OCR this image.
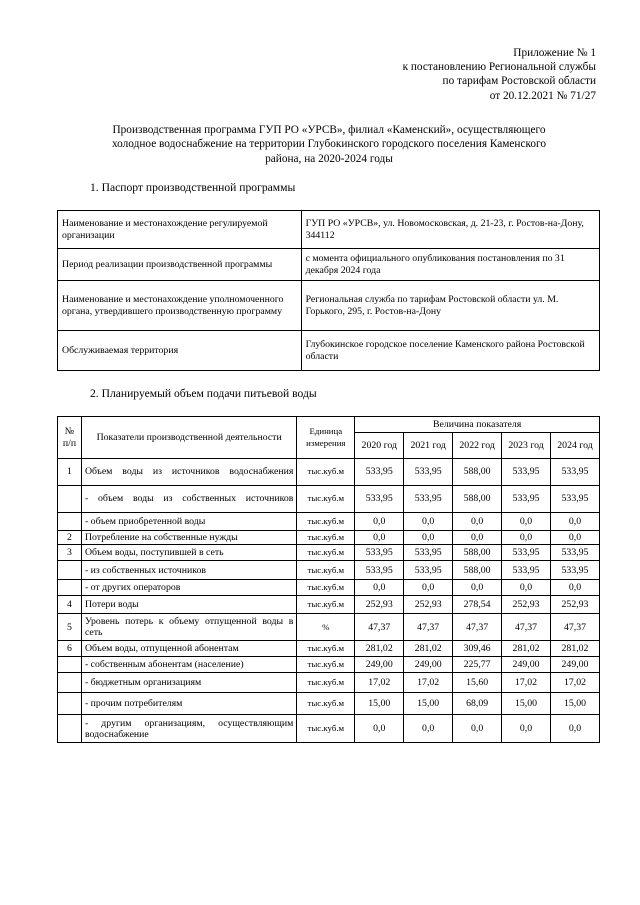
Приложение № 1
к постановлению Региональной службы
по тарифам Ростовской области
от 20.12.2021 № 71/27
Производственная программа ГУП РО «УРСВ», филиал «Каменский», осуществляющего
холодное водоснабжение на территории Глубокинского городского поселения Каменского
района, на 2020-2024 годы
1. Паспорт производственной программы
Наименование и местонахождение регулируемой организации	ГУП РО «УРСВ», ул. Новомосковская, д. 21-23, г. Ростов-на-Дону, 344112
Период реализации производственной программы	с момента официального опубликования постановления по 31 декабря 2024 года
Наименование и местонахождение уполномоченного органа, утвердившего производственную программу	Региональная служба по тарифам Ростовской области ул. М. Горького, 295, г. Ростов-на-Дону
Обслуживаемая территория	Глубокинское городское поселение Каменского района Ростовской области
2. Планируемый объем подачи питьевой воды
№ п/п	Показатели производственной деятельности	Единица измерения	Величина показателя				
			2020 год	2021 год	2022 год	2023 год	2024 год
1	Объем воды из источников водоснабжения	тыс.куб.м	533,95	533,95	588,00	533,95	533,95
	- объем воды из собственных источников	тыс.куб.м	533,95	533,95	588,00	533,95	533,95
	- объем приобретенной воды	тыс.куб.м	0,0	0,0	0,0	0,0	0,0
2	Потребление на собственные нужды	тыс.куб.м	0,0	0,0	0,0	0,0	0,0
3	Объем воды, поступившей в сеть	тыс.куб.м	533,95	533,95	588,00	533,95	533,95
	- из собственных источников	тыс.куб.м	533,95	533,95	588,00	533,95	533,95
	- от других операторов	тыс.куб.м	0,0	0,0	0,0	0,0	0,0
4	Потери воды	тыс.куб.м	252,93	252,93	278,54	252,93	252,93
5	Уровень потерь к объему отпущенной воды в сеть	%	47,37	47,37	47,37	47,37	47,37
6	Объем воды, отпущенной абонентам	тыс.куб.м	281,02	281,02	309,46	281,02	281,02
	- собственным абонентам (население)	тыс.куб.м	249,00	249,00	225,77	249,00	249,00
	- бюджетным организациям	тыс.куб.м	17,02	17,02	15,60	17,02	17,02
	- прочим потребителям	тыс.куб.м	15,00	15,00	68,09	15,00	15,00
	- другим организациям, осуществляющим водоснабжение	тыс.куб.м	0,0	0,0	0,0	0,0	0,0
